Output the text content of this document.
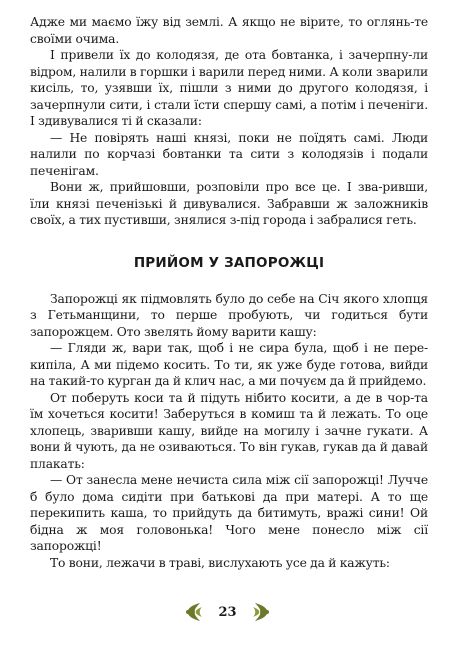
Адже ми маємо їжу від землі. А якщо не вірите, то оглянь-те своїми очима.

І привели їх до колодязя, де ота бовтанка, і зачерпну-ли відром, налили в горшки і варили перед ними. А коли зварили кисіль, то, узявши їх, пішли з ними до другого колодязя, і зачерпнули сити, і стали їсти спершу самі, а потім і печеніги. І здивувалися ті й сказали:

— Не повірять наші князі, поки не поїдять самі. Люди налили по корчазі бовтанки та сити з колодязів і подали печенігам.

Вони ж, прийшовши, розповіли про все це. І зва-ривши, їли князі печенізькі й дивувалися. Забравши ж заложників своїх, а тих пустивши, знялися з-під города і забралися геть.

ПРИЙОМ У ЗАПОРОЖЦІ

Запорожці як підмовлять було до себе на Січ якого хлопця з Гетьманщини, то перше пробують, чи годиться бути запорожцем. Ото звелять йому варити кашу:

— Гляди ж, вари так, щоб і не сира була, щоб і не пере-кипіла, А ми підемо косить. То ти, як уже буде готова, вийди на такий-то курган да й клич нас, а ми почуєм да й прийдемо.

От поберуть коси та й підуть нібито косити, а де в чор-та їм хочеться косити! Заберуться в комиш та й лежать. То оце хлопець, зваривши кашу, вийде на могилу і зачне гукати. А вони й чують, да не озиваються. То він гукав, гукав да й давай плакать:

— От занесла мене нечиста сила між сії запорожці! Лучче б було дома сидіти при батькові да при матері. А то ще перекипить каша, то прийдуть да битимуть, вражі сини! Ой бідна ж моя головонька! Чого мене понесло між сії запорожці!

То вони, лежачи в траві, вислухають усе да й кажуть:

23
